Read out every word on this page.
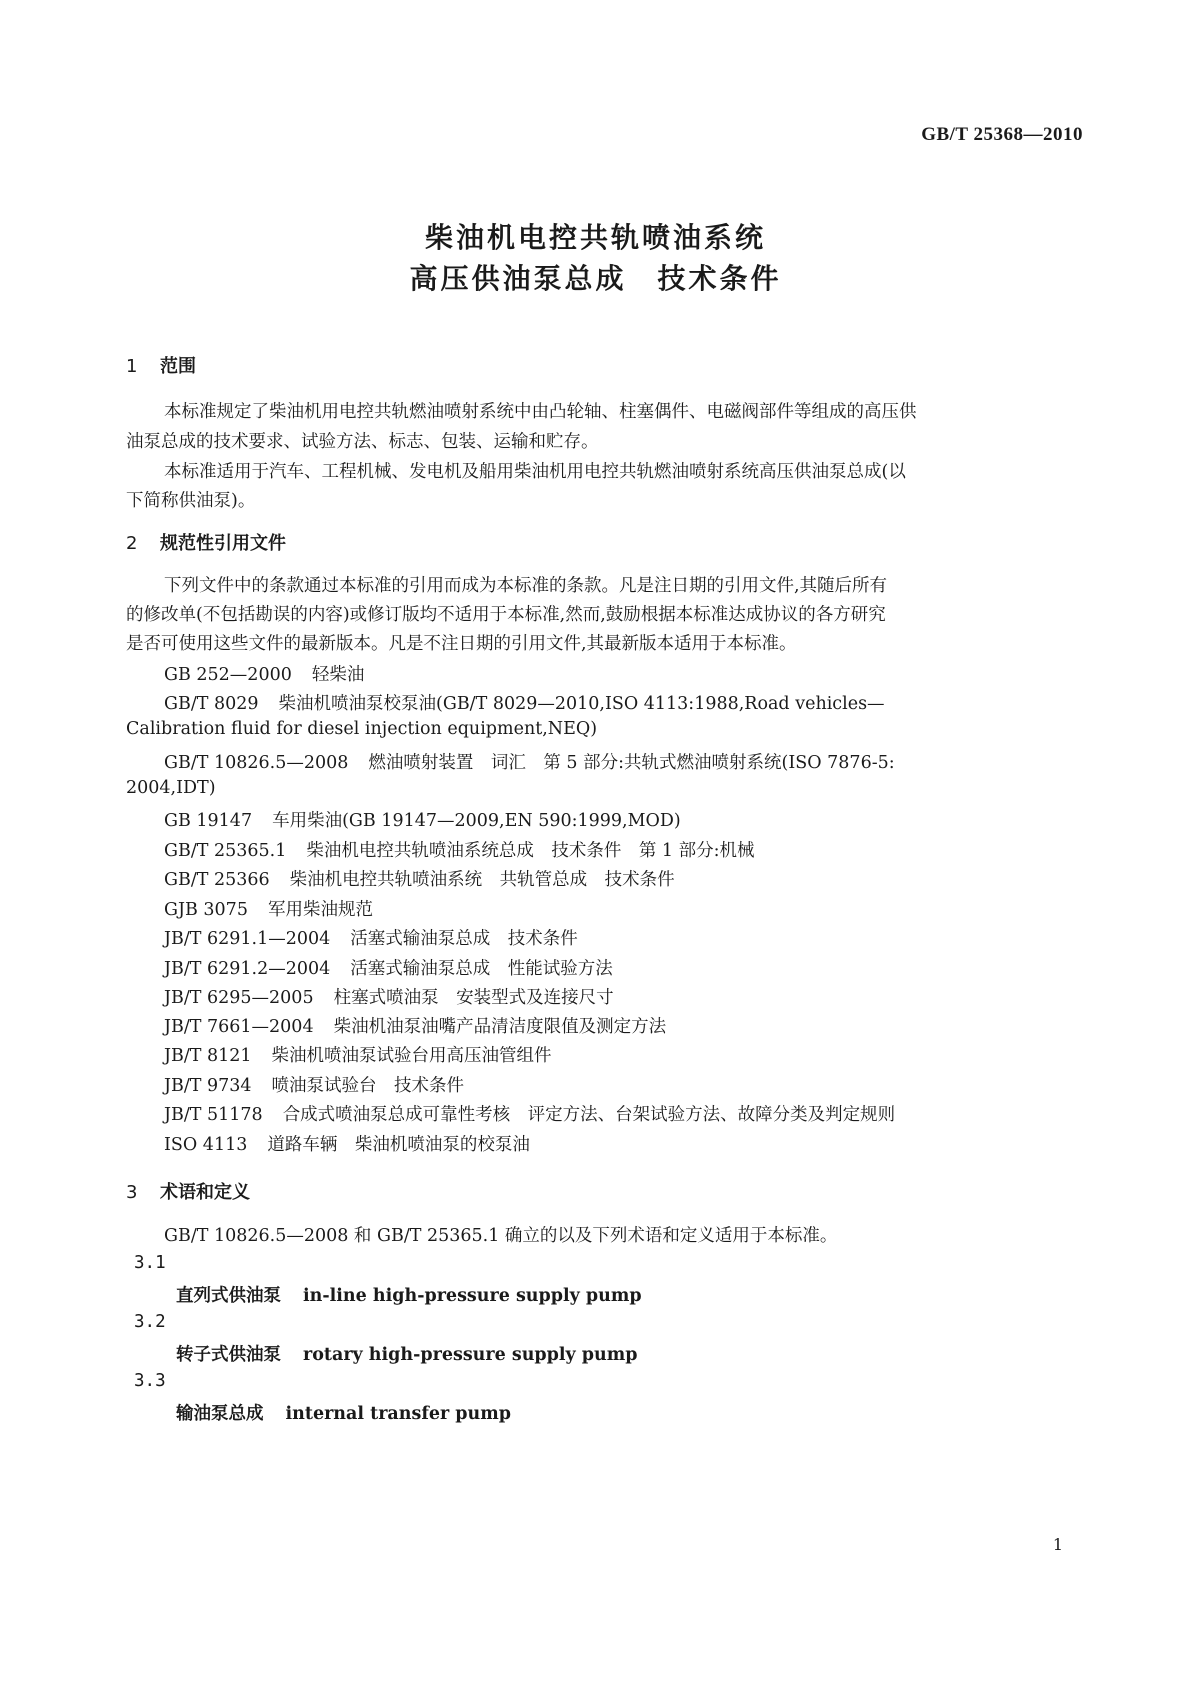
GB/T 25368—2010
柴油机电控共轨喷油系统
高压供油泵总成　技术条件
1 范围
本标准规定了柴油机用电控共轨燃油喷射系统中由凸轮轴、柱塞偶件、电磁阀部件等组成的高压供
油泵总成的技术要求、试验方法、标志、包装、运输和贮存。
本标准适用于汽车、工程机械、发电机及船用柴油机用电控共轨燃油喷射系统高压供油泵总成(以
下简称供油泵)。
2 规范性引用文件
下列文件中的条款通过本标准的引用而成为本标准的条款。凡是注日期的引用文件,其随后所有
的修改单(不包括勘误的内容)或修订版均不适用于本标准,然而,鼓励根据本标准达成协议的各方研究
是否可使用这些文件的最新版本。凡是不注日期的引用文件,其最新版本适用于本标准。
GB 252—2000 轻柴油
GB/T 8029 柴油机喷油泵校泵油(GB/T 8029—2010,ISO 4113:1988,Road vehicles—
Calibration fluid for diesel injection equipment,NEQ)
GB/T 10826.5—2008 燃油喷射装置　词汇　第 5 部分:共轨式燃油喷射系统(ISO 7876-5:
2004,IDT)
GB 19147 车用柴油(GB 19147—2009,EN 590:1999,MOD)
GB/T 25365.1 柴油机电控共轨喷油系统总成　技术条件　第 1 部分:机械
GB/T 25366 柴油机电控共轨喷油系统　共轨管总成　技术条件
GJB 3075 军用柴油规范
JB/T 6291.1—2004 活塞式输油泵总成　技术条件
JB/T 6291.2—2004 活塞式输油泵总成　性能试验方法
JB/T 6295—2005 柱塞式喷油泵　安装型式及连接尺寸
JB/T 7661—2004 柴油机油泵油嘴产品清洁度限值及测定方法
JB/T 8121 柴油机喷油泵试验台用高压油管组件
JB/T 9734 喷油泵试验台　技术条件
JB/T 51178 合成式喷油泵总成可靠性考核　评定方法、台架试验方法、故障分类及判定规则
ISO 4113 道路车辆　柴油机喷油泵的校泵油
3 术语和定义
GB/T 10826.5—2008 和 GB/T 25365.1 确立的以及下列术语和定义适用于本标准。
3.1
直列式供油泵 in-line high-pressure supply pump
3.2
转子式供油泵 rotary high-pressure supply pump
3.3
输油泵总成 internal transfer pump
1
